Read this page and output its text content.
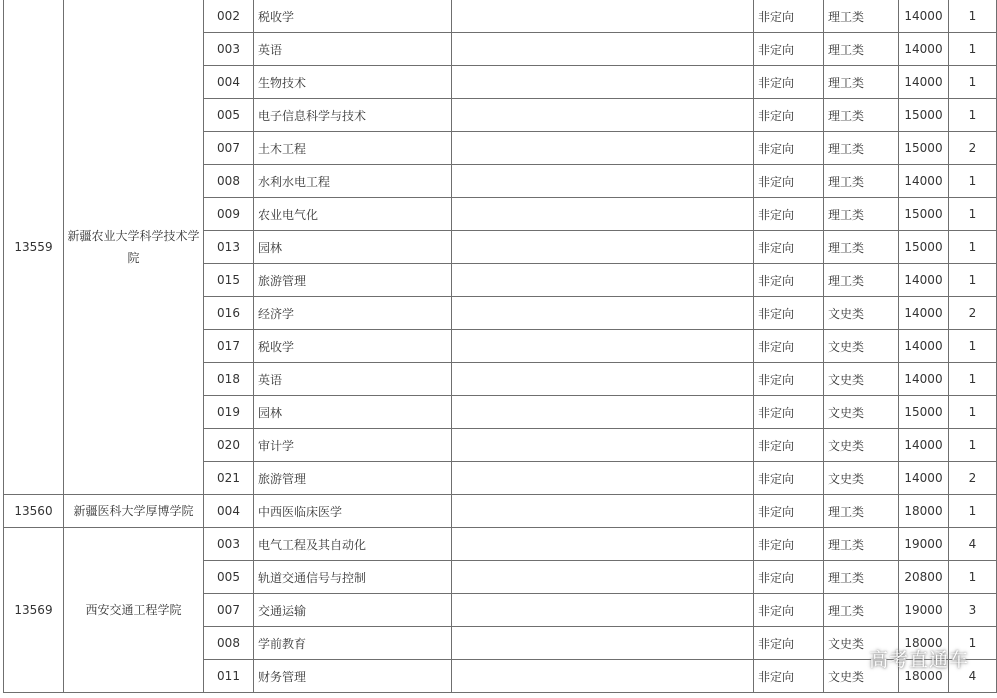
13559	新疆农业大学科学技术学院	002	税收学		非定向	理工类	14000	1
		003	英语		非定向	理工类	14000	1
		004	生物技术		非定向	理工类	14000	1
		005	电子信息科学与技术		非定向	理工类	15000	1
		007	土木工程		非定向	理工类	15000	2
		008	水利水电工程		非定向	理工类	14000	1
		009	农业电气化		非定向	理工类	15000	1
		013	园林		非定向	理工类	15000	1
		015	旅游管理		非定向	理工类	14000	1
		016	经济学		非定向	文史类	14000	2
		017	税收学		非定向	文史类	14000	1
		018	英语		非定向	文史类	14000	1
		019	园林		非定向	文史类	15000	1
		020	审计学		非定向	文史类	14000	1
		021	旅游管理		非定向	文史类	14000	2
13560	新疆医科大学厚博学院	004	中西医临床医学		非定向	理工类	18000	1
13569	西安交通工程学院	003	电气工程及其自动化		非定向	理工类	19000	4
		005	轨道交通信号与控制		非定向	理工类	20800	1
		007	交通运输		非定向	理工类	19000	3
		008	学前教育		非定向	文史类	18000	1
		011	财务管理		非定向	文史类	18000	4
高考直通车
